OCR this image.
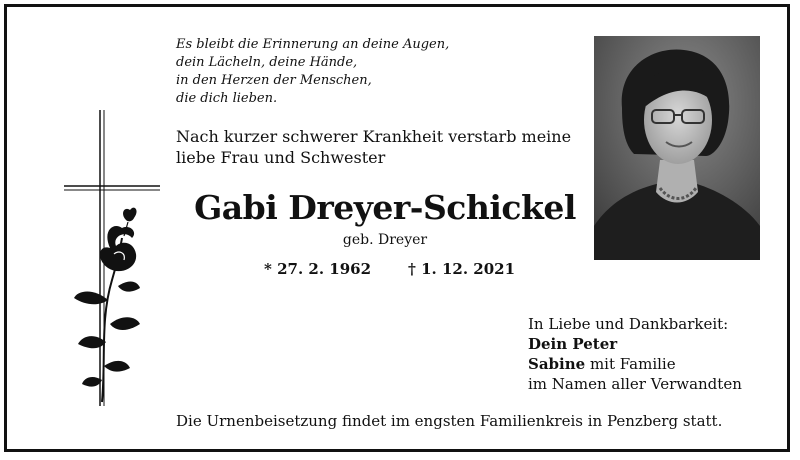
Es bleibt die Erinnerung an deine Augen,
dein Lächeln, deine Hände,
in den Herzen der Menschen,
die dich lieben.
Nach kurzer schwerer Krankheit verstarb meine
liebe Frau und Schwester
Gabi Dreyer-Schickel
geb. Dreyer
* 27. 2. 1962 † 1. 12. 2021
In Liebe und Dankbarkeit:
Dein Peter
Sabine mit Familie
im Namen aller Verwandten
Die Urnenbeisetzung findet im engsten Familienkreis in Penzberg statt.
